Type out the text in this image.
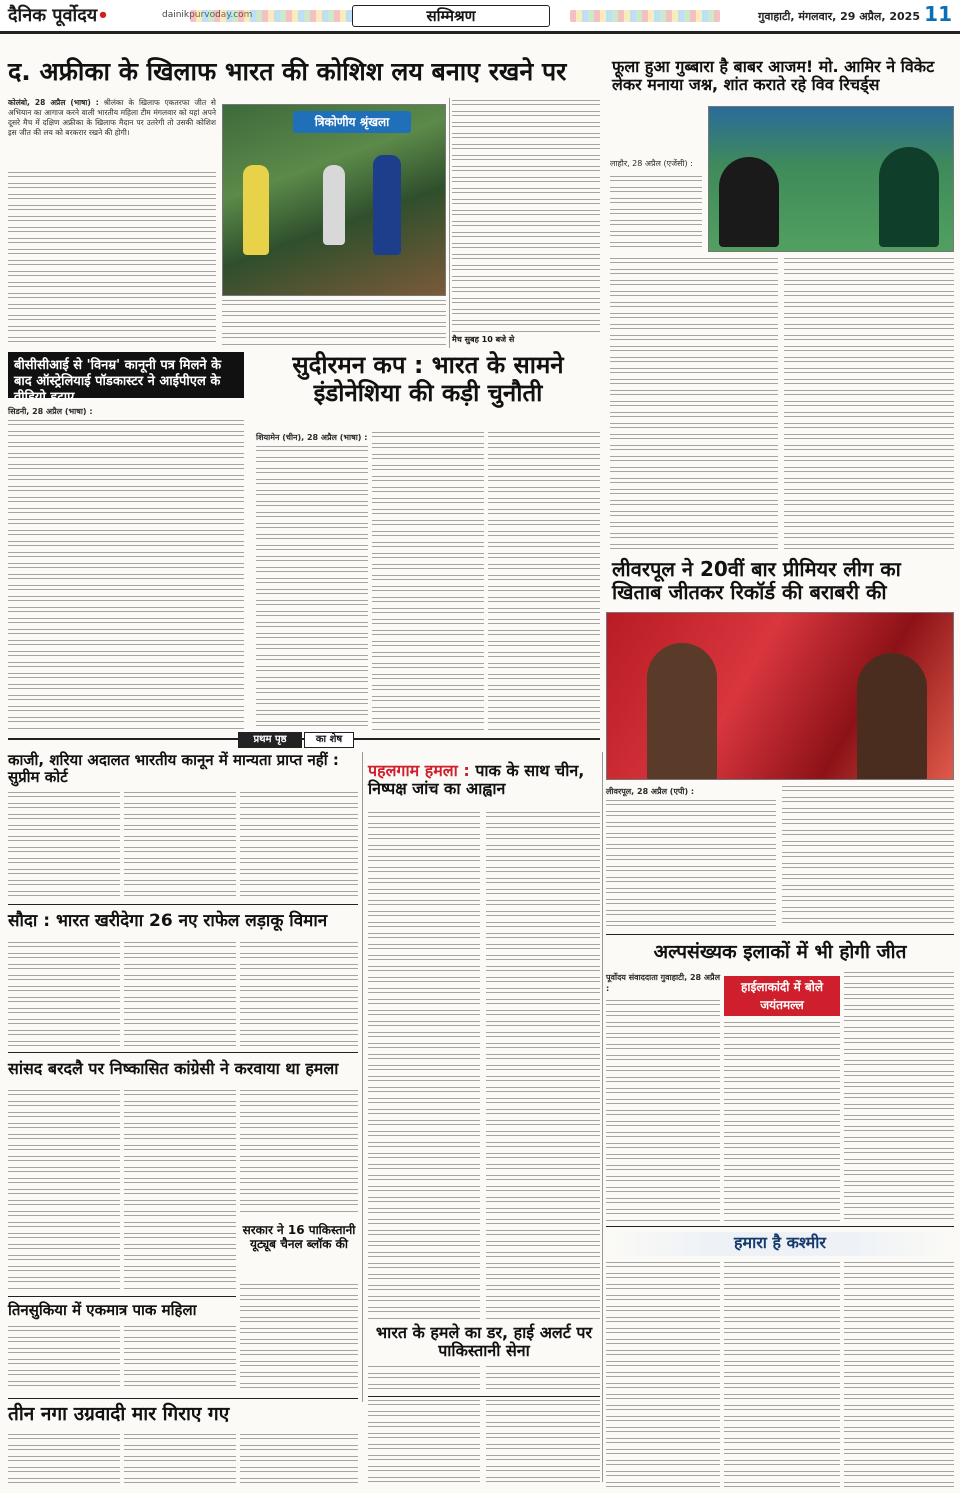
दैनिक पूर्वोदय•	dainikpurvoday.com	सम्मिश्रण	गुवाहाटी, मंगलवार, 29 अप्रैल, 2025 11
द. अफ्रीका के खिलाफ भारत की कोशिश लय बनाए रखने पर
कोलंबो, 28 अप्रैल (भाषा) : श्रीलंका के खिलाफ एकतरफा जीत से अभियान का आगाज करने वाली भारतीय महिला टीम मंगलवार को यहां अपने दूसरे मैच में दक्षिण अफ्रीका के खिलाफ मैदान पर उतरेगी तो उसकी कोशिश इस जीत की लय को बरकरार रखने की होगी।
त्रिकोणीय श्रृंखला
मैच सुबह 10 बजे से
फूला हुआ गुब्बारा है बाबर आजम! मो. आमिर ने विकेट लेकर मनाया जश्न, शांत कराते रहे विव रिचर्ड्स
लाहौर, 28 अप्रैल (एजेंसी) :
बीसीसीआई से 'विनम्र' कानूनी पत्र मिलने के बाद ऑस्ट्रेलियाई पॉडकास्टर ने आईपीएल के वीडियो हटाए
सिडनी, 28 अप्रैल (भाषा) :
सुदीरमन कप : भारत के सामने इंडोनेशिया की कड़ी चुनौती
शियामेन (चीन), 28 अप्रैल (भाषा) :
लीवरपूल ने 20वीं बार प्रीमियर लीग का खिताब जीतकर रिकॉर्ड की बराबरी की
लीवरपूल, 28 अप्रैल (एपी) :
प्रथम पृष्ठ	का शेष
काजी, शरिया अदालत भारतीय कानून में मान्यता प्राप्त नहीं : सुप्रीम कोर्ट	पहलगाम हमला : पाक के साथ चीन, निष्पक्ष जांच का आह्वान
सौदा : भारत खरीदेगा 26 नए राफेल लड़ाकू विमान
सांसद बरदलै पर निष्कासित कांग्रेसी ने करवाया था हमला
सरकार ने 16 पाकिस्तानी यूट्यूब चैनल ब्लॉक की
तिनसुकिया में एकमात्र पाक महिला
तीन नगा उग्रवादी मार गिराए गए
भारत के हमले का डर, हाई अलर्ट पर पाकिस्तानी सेना
अल्पसंख्यक इलाकों में भी होगी जीत
पूर्वोदय संवाददाता गुवाहाटी, 28 अप्रैल :	हाईलाकांदी में बोले जयंतमल्ल
हमारा है कश्मीर
